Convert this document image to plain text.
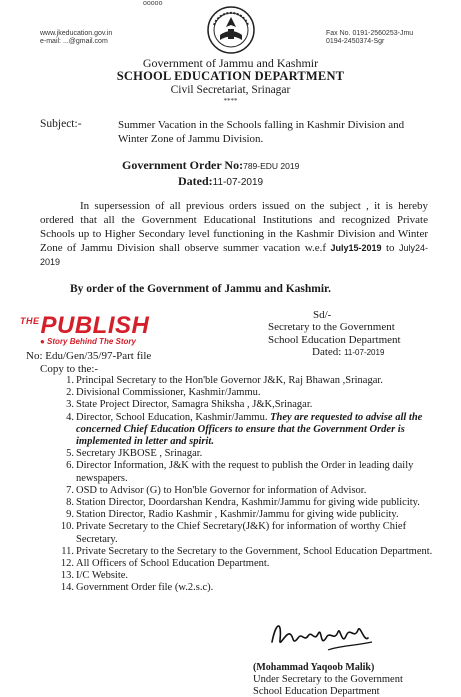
ooooo
www.jkeducation.gov.in
e-mail: ...@gmail.com
Fax No. 0191-2560253-Jmu
0194-2450374-Sgr
Government of Jammu and Kashmir
SCHOOL EDUCATION DEPARTMENT
Civil Secretariat, Srinagar
****
Subject:-	Summer Vacation in the Schools falling in Kashmir Division and Winter Zone of Jammu Division.
Government Order No:789-EDU 2019
Dated:11-07-2019
In supersession of all previous orders issued on the subject , it is hereby ordered that all the Government Educational Institutions and recognized Private Schools up to Higher Secondary level functioning in the Kashmir Division and Winter Zone of Jammu Division shall observe summer vacation w.e.f July15-2019 to July24-2019
By order of the Government of Jammu and Kashmir.
$^{THE}$PUBLISH
● Story Behind The Story
Sd/-
Secretary to the Government
School Education Department
Dated: 11-07-2019
No: Edu/Gen/35/97-Part file
Copy to the:-
1. Principal Secretary to the Hon'ble Governor J&K, Raj Bhawan ,Srinagar.
2. Divisional Commissioner, Kashmir/Jammu.
3. State Project Director, Samagra Shiksha , J&K,Srinagar.
4. Director, School Education, Kashmir/Jammu. They are requested to advise all the concerned Chief Education Officers to ensure that the Government Order is implemented in letter and spirit.
5. Secretary JKBOSE , Srinagar.
6. Director Information, J&K with the request to publish the Order in leading daily newspapers.
7. OSD to Advisor (G) to Hon'ble Governor for information of Advisor.
8. Station Director, Doordarshan Kendra, Kashmir/Jammu for giving wide publicity.
9. Station Director, Radio Kashmir , Kashmir/Jammu for giving wide publicity.
10. Private Secretary to the Chief Secretary(J&K) for information of worthy Chief Secretary.
11. Private Secretary to the Secretary to the Government, School Education Department.
12. All Officers of School Education Department.
13. I/C Website.
14. Government Order file (w.2.s.c).
(Mohammad Yaqoob Malik)
Under Secretary to the Government
School Education Department
